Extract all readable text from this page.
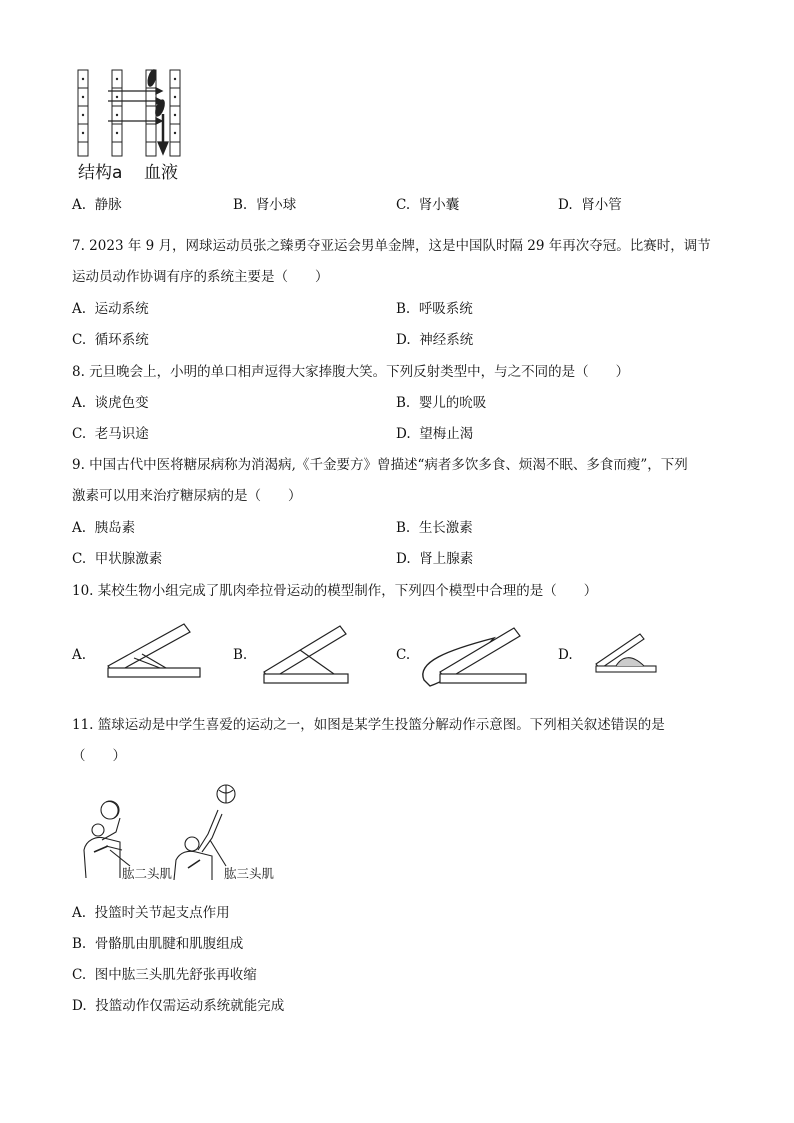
结构a 血液
A. 静脉	B. 肾小球	C. 肾小囊	D. 肾小管
7. 2023 年 9 月，网球运动员张之臻勇夺亚运会男单金牌，这是中国队时隔 29 年再次夺冠。比赛时，调节
运动员动作协调有序的系统主要是（　　）
A. 运动系统	B. 呼吸系统
C. 循环系统	D. 神经系统
8. 元旦晚会上，小明的单口相声逗得大家捧腹大笑。下列反射类型中，与之不同的是（　　）
A. 谈虎色变	B. 婴儿的吮吸
C. 老马识途	D. 望梅止渴
9. 中国古代中医将糖尿病称为消渴病,《千金要方》曾描述“病者多饮多食、烦渴不眠、多食而瘦”，下列
激素可以用来治疗糖尿病的是（　　）
A. 胰岛素	B. 生长激素
C. 甲状腺激素	D. 肾上腺素
10. 某校生物小组完成了肌肉牵拉骨运动的模型制作，下列四个模型中合理的是（　　）
A.	B.	C.	D.
11. 篮球运动是中学生喜爱的运动之一，如图是某学生投篮分解动作示意图。下列相关叙述错误的是
（　　）
肱二头肌	肱三头肌
A. 投篮时关节起支点作用
B. 骨骼肌由肌腱和肌腹组成
C. 图中肱三头肌先舒张再收缩
D. 投篮动作仅需运动系统就能完成
